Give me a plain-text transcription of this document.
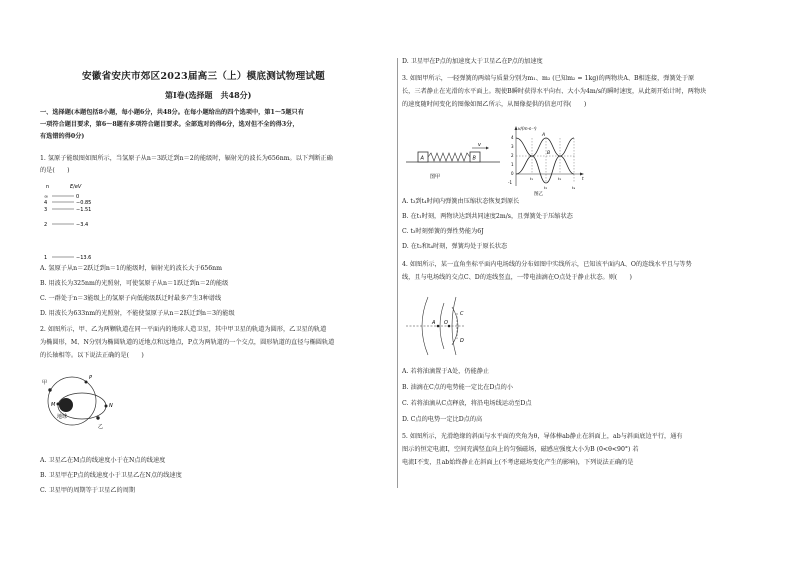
安徽省安庆市郊区2023届高三（上）模底测试物理试题
第Ⅰ卷(选择题　共48分)
一、选择题(本题包括8小题，每小题6分，共48分。在每小题给出的四个选项中，第1～5题只有
一项符合题目要求，第6～8题有多项符合题目要求。全部选对的得6分，选对但不全的得3分，
有选错的得0分)
1. 氢原子能级图如图所示，当氢原子从n＝3跃迁到n＝2的能级时，辐射光的波长为656nm。以下判断正确
的是(　　)
n	E/eV
∞	0
4	−0.85
3	−1.51
2	−3.4
1	−13.6
A. 氢原子从n＝2跃迁到n＝1的能级时，辐射光的波长大于656nm
B. 用波长为325nm的光照射，可使氢原子从n＝1跃迁到n＝2的能级
C. 一群处于n＝3能级上的氢原子向低能级跃迁时最多产生3种谱线
D. 用波长为633nm的光照射，不能使氢原子从n＝2跃迁到n＝3的能级
2. 如图所示，甲、乙为两颗轨道在同一平面内的地球人造卫星，其中甲卫星的轨道为圆形，乙卫星的轨道
为椭圆形，M、N分别为椭圆轨道的近地点和远地点，P点为两轨道的一个交点，圆形轨道的直径与椭圆轨道
的长轴相等。以下说法正确的是(　　)
地球
M	N
P
甲
乙
A. 卫星乙在M点的线速度小于在N点的线速度
B. 卫星甲在P点的线速度小于卫星乙在N点的线速度
C. 卫星甲的周期等于卫星乙的周期
D. 卫星甲在P点的加速度大于卫星乙在P点的加速度
3. 如图甲所示，一轻弹簧的两端与质量分别为m₁、m₂ (已知m₂ = 1kg)的两物块A、B相连接，弹簧处于原
长，三者静止在光滑的水平面上。现使B瞬时获得水平向右、大小为4m/s的瞬时速度，从此刻开始计时，两物块
的速度随时间变化的图像如图乙所示，从图像提供的信息可得(　　)
A	B
v
图甲
v/(m·s⁻¹)
4
3
2
1
0
-1
A
B
t₁
t₂
t₃
t₄
t
图乙
A. t₃到t₄时间内弹簧由压缩状态恢复到原长
B. 在t₁时刻，两物块达到共同速度2m/s，且弹簧处于压缩状态
C. t₃时刻弹簧的弹性势能为6J
D. 在t₂和t₄时刻，弹簧均处于原长状态
4. 如图所示，某一直角坐标平面内电场线的分布如图中实线所示，已知该平面内A、O的连线水平且与等势
线，且与电场线的交点C、D的连线竖直，一带电油滴在O点处于静止状态。则(　　)
A O
C
D
A. 若将油滴置于A处，仍能静止
B. 油滴在C点的电势能一定比在D点的小
C. 若将油滴从C点释放，将沿电场线运动至D点
D. C点的电势一定比D点的高
5. 如图所示，光滑绝缘的斜面与水平面的夹角为θ，导体棒ab静止在斜面上，ab与斜面底边平行，通有
图示的恒定电流I，空间充满竖直向上的匀强磁场，磁感应强度大小为B (0<θ<90°) 若
电流I不变，且ab始终静止在斜面上(不考虑磁场变化产生的影响)，下列说法正确的是
